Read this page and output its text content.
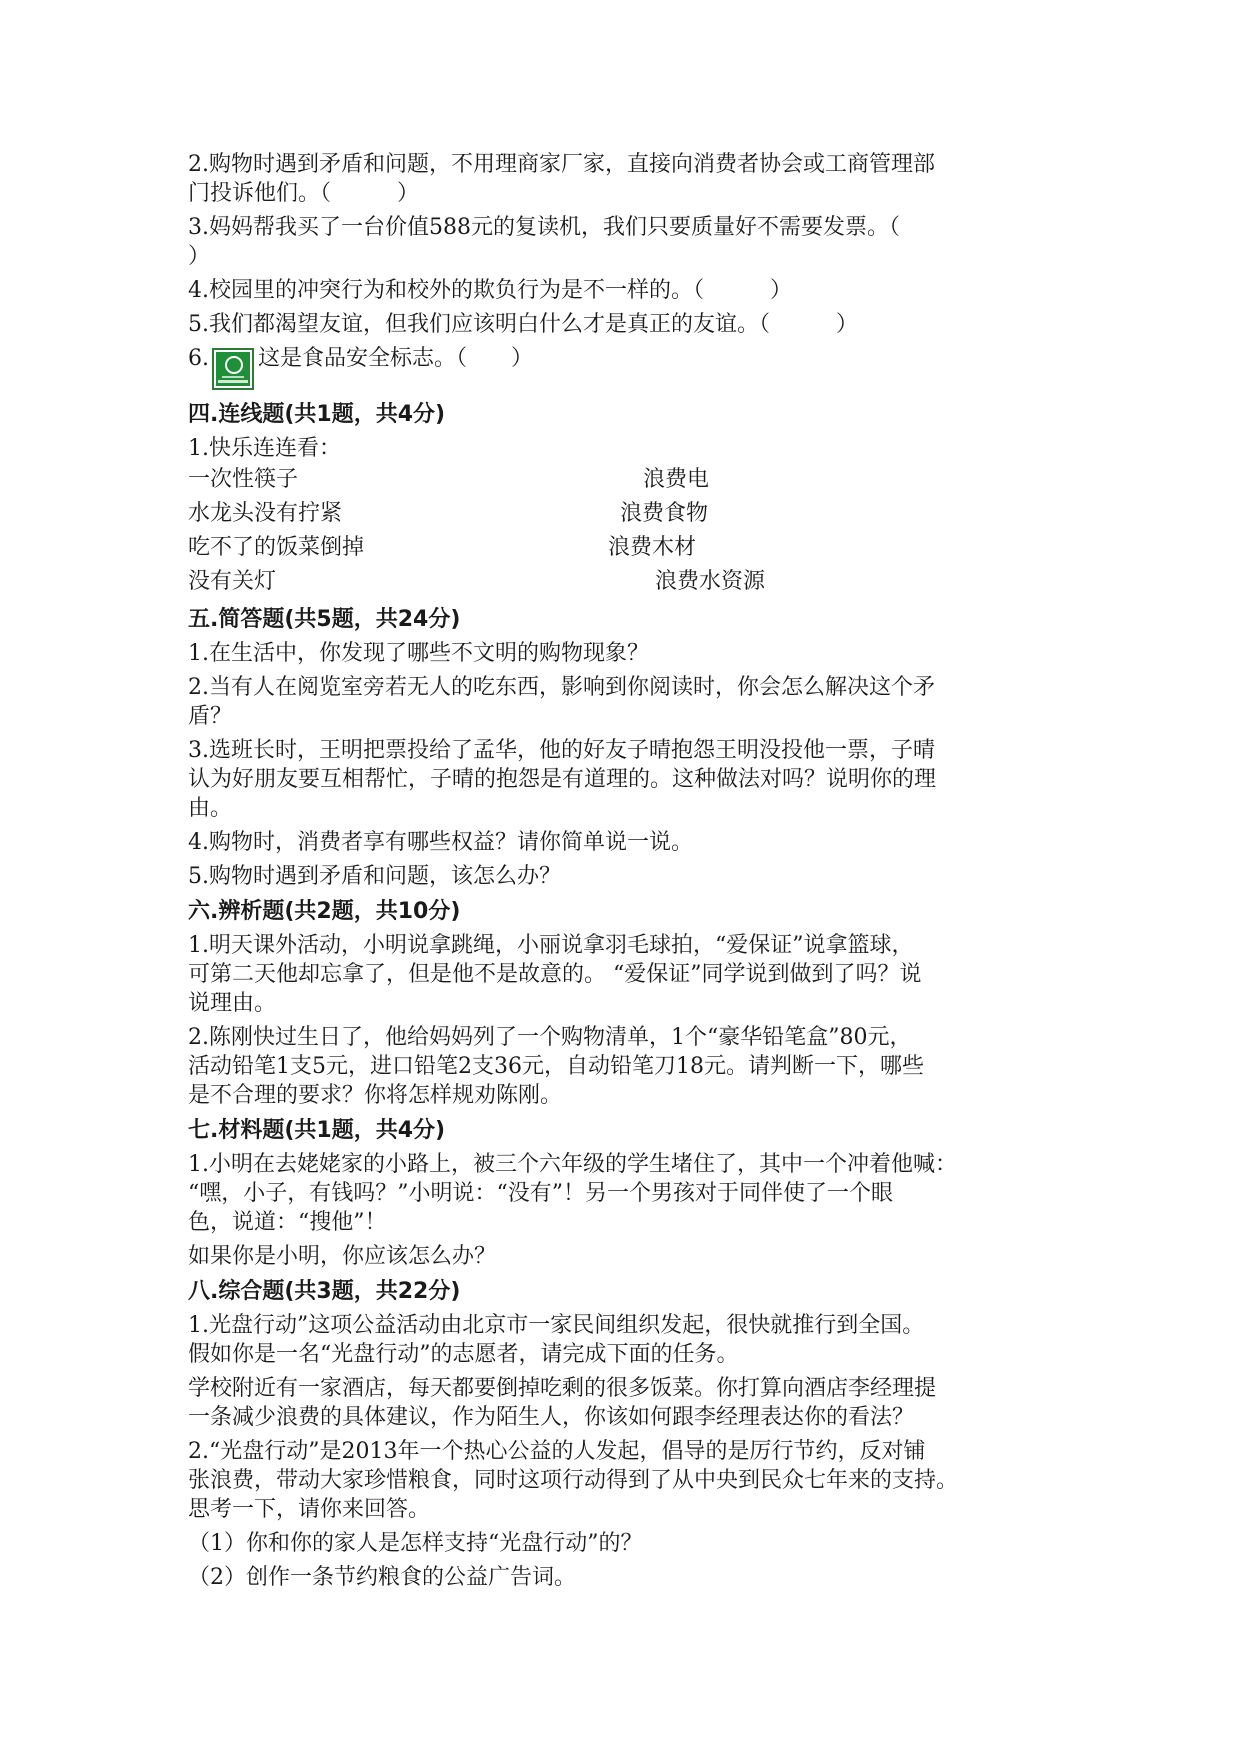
2.购物时遇到矛盾和问题，不用理商家厂家，直接向消费者协会或工商管理部
门投诉他们。（　　　）
3.妈妈帮我买了一台价值588元的复读机，我们只要质量好不需要发票。（
）
4.校园里的冲突行为和校外的欺负行为是不一样的。（　　　）
5.我们都渴望友谊，但我们应该明白什么才是真正的友谊。（　　　）
6. 这是食品安全标志。（　　）
四.连线题(共1题，共4分)
1.快乐连连看：
一次性筷子	浪费电
水龙头没有拧紧	浪费食物
吃不了的饭菜倒掉	浪费木材
没有关灯	浪费水资源
五.简答题(共5题，共24分)
1.在生活中，你发现了哪些不文明的购物现象？
2.当有人在阅览室旁若无人的吃东西，影响到你阅读时，你会怎么解决这个矛
盾？
3.选班长时，王明把票投给了孟华，他的好友子晴抱怨王明没投他一票，子晴
认为好朋友要互相帮忙，子晴的抱怨是有道理的。这种做法对吗？说明你的理
由。
4.购物时，消费者享有哪些权益？请你简单说一说。
5.购物时遇到矛盾和问题，该怎么办？
六.辨析题(共2题，共10分)
1.明天课外活动，小明说拿跳绳，小丽说拿羽毛球拍，“爱保证”说拿篮球，
可第二天他却忘拿了，但是他不是故意的。 “爱保证”同学说到做到了吗？说
说理由。
2.陈刚快过生日了，他给妈妈列了一个购物清单，1个“豪华铅笔盒”80元，
活动铅笔1支5元，进口铅笔2支36元，自动铅笔刀18元。请判断一下，哪些
是不合理的要求？你将怎样规劝陈刚。
七.材料题(共1题，共4分)
1.小明在去姥姥家的小路上，被三个六年级的学生堵住了，其中一个冲着他喊：
“嘿，小子，有钱吗？”小明说：“没有”！另一个男孩对于同伴使了一个眼
色，说道：“搜他”！
如果你是小明，你应该怎么办？
八.综合题(共3题，共22分)
1.光盘行动”这项公益活动由北京市一家民间组织发起，很快就推行到全国。
假如你是一名“光盘行动”的志愿者，请完成下面的任务。
学校附近有一家酒店，每天都要倒掉吃剩的很多饭菜。你打算向酒店李经理提
一条减少浪费的具体建议，作为陌生人，你该如何跟李经理表达你的看法？
2.“光盘行动”是2013年一个热心公益的人发起，倡导的是厉行节约，反对铺
张浪费，带动大家珍惜粮食，同时这项行动得到了从中央到民众七年来的支持。
思考一下，请你来回答。
（1）你和你的家人是怎样支持“光盘行动”的？
（2）创作一条节约粮食的公益广告词。
